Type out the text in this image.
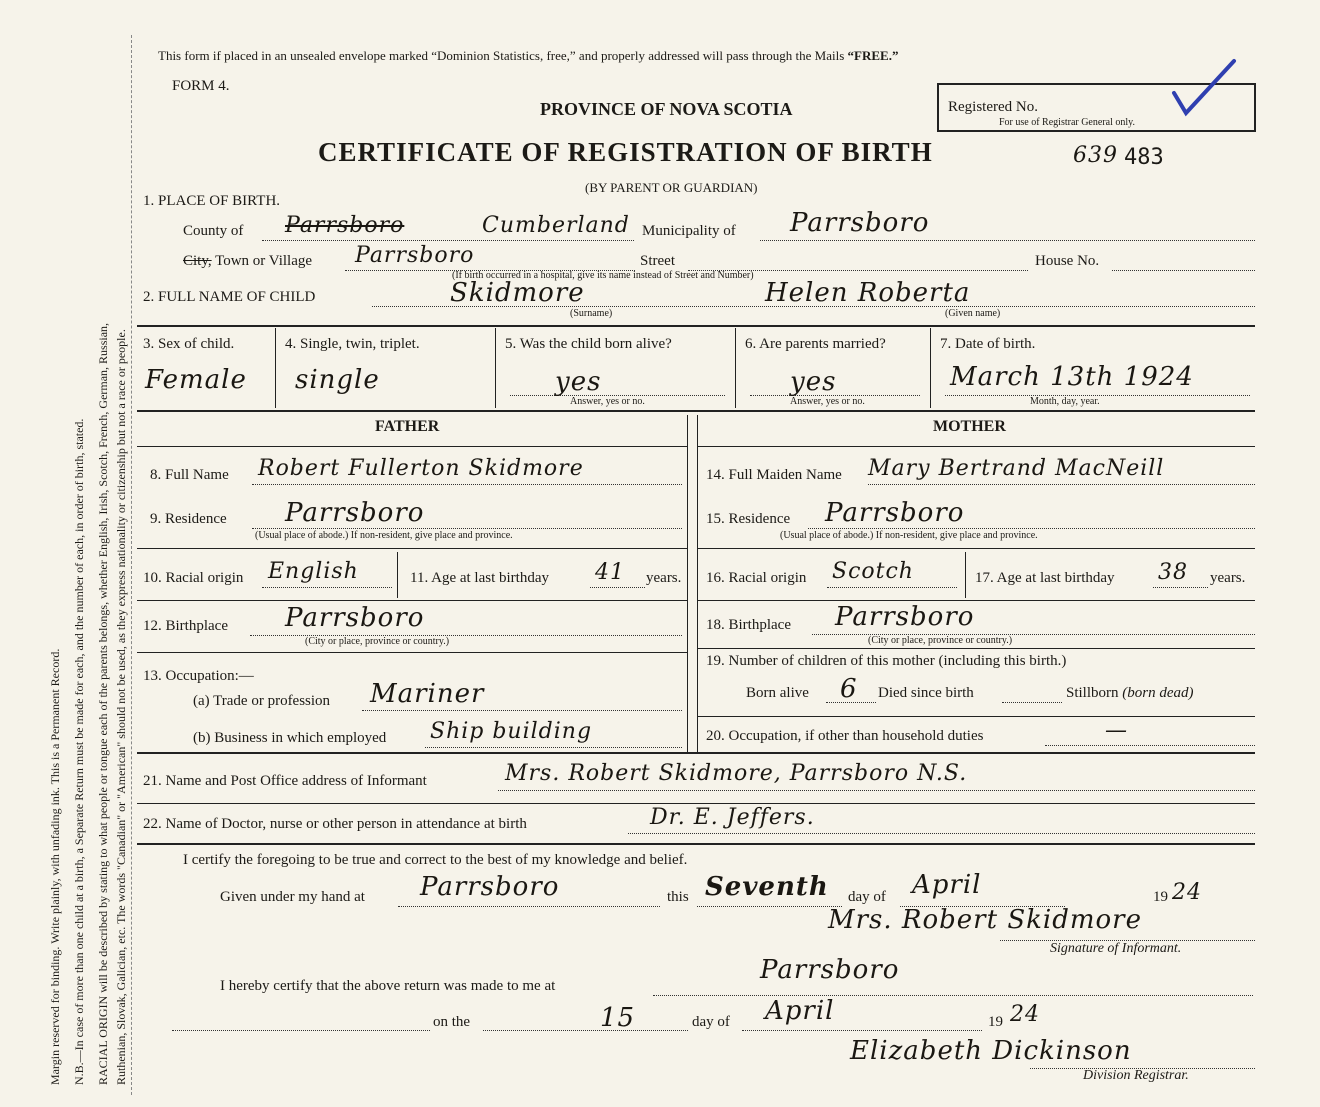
Margin reserved for binding. Write plainly, with unfading ink. This is a Permanent Record. N.B.—In case of more than one child at a birth, a Separate Return must be made for each, and the number of each, in order of birth, stated. RACIAL ORIGIN will be described by stating to what people or tongue each of the parents belongs, whether English, Irish, Scotch, French, German, Russian, Ruthenian, Slovak, Galician, etc. The words "Canadian" or "American" should not be used, as they express nationality or citizenship but not a race or people.
This form if placed in an unsealed envelope marked “Dominion Statistics, free,” and properly addressed will pass through the Mails “FREE.”
FORM 4.
PROVINCE OF NOVA SCOTIA	Registered No.
For use of Registrar General only.
CERTIFICATE OF REGISTRATION OF BIRTH	639 483
(BY PARENT OR GUARDIAN)
1. PLACE OF BIRTH.
County of Parrsboro	Cumberland Municipality of Parrsboro
City, Town or Village Parrsboro	Street	House No.
(If birth occurred in a hospital, give its name instead of Street and Number)
2. FULL NAME OF CHILD	Skidmore
(Surname)
Helen Roberta
(Given name)
3. Sex of child.
Female
4. Single, twin, triplet.
single
5. Was the child born alive?
yes
Answer, yes or no.
6. Are parents married?
yes
Answer, yes or no.
7. Date of birth.
March 13th 1924
Month, day, year.
FATHER	MOTHER
8. Full Name Robert Fullerton Skidmore
9. Residence Parrsboro
(Usual place of abode.) If non-resident, give place and province.
10. Racial origin English	11. Age at last birthday 41 years.
12. Birthplace Parrsboro
(City or place, province or country.)
13. Occupation:—
(a) Trade or profession Mariner
(b) Business in which employed Ship building
14. Full Maiden Name Mary Bertrand MacNeill
15. Residence Parrsboro
(Usual place of abode.) If non-resident, give place and province.
16. Racial origin Scotch	17. Age at last birthday 38 years.
18. Birthplace Parrsboro
(City or place, province or country.)
19. Number of children of this mother (including this birth.)
Born alive 6 Died since birth	Stillborn (born dead)
20. Occupation, if other than household duties	—
21. Name and Post Office address of Informant	Mrs. Robert Skidmore, Parrsboro N.S.
22. Name of Doctor, nurse or other person in attendance at birth	Dr. E. Jeffers.
I certify the foregoing to be true and correct to the best of my knowledge and belief.
Given under my hand at Parrsboro	this Seventh day of April	19 24
Mrs. Robert Skidmore
Signature of Informant.
I hereby certify that the above return was made to me at
Parrsboro
on the	15	day of April	19 24
Elizabeth Dickinson
Division Registrar.
